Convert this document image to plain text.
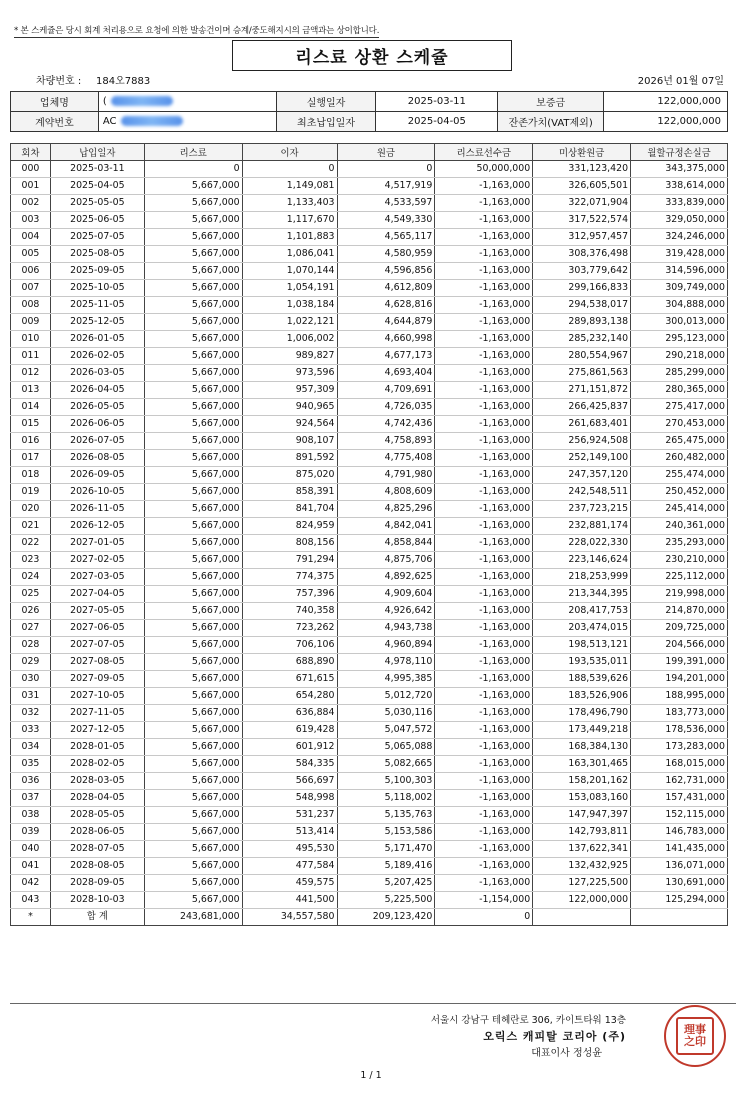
* 본 스케쥴은 당시 회계 처리용으로 요청에 의한 발송건이며 승계/중도해지시의 금액과는 상이합니다.
리스료 상환 스케쥴
차량번호 : 184오7883	2026년 01월 07일
업체명	(	실행일자	2025-03-11	보증금	122,000,000
계약번호	AC	최초납입일자	2025-04-05	잔존가치(VAT제외)	122,000,000
회차	납입일자	리스료	이자	원금	리스료선수금	미상환원금	월할규정손실금
000	2025-03-11	0	0	0	50,000,000	331,123,420	343,375,000
001	2025-04-05	5,667,000	1,149,081	4,517,919	-1,163,000	326,605,501	338,614,000
002	2025-05-05	5,667,000	1,133,403	4,533,597	-1,163,000	322,071,904	333,839,000
003	2025-06-05	5,667,000	1,117,670	4,549,330	-1,163,000	317,522,574	329,050,000
004	2025-07-05	5,667,000	1,101,883	4,565,117	-1,163,000	312,957,457	324,246,000
005	2025-08-05	5,667,000	1,086,041	4,580,959	-1,163,000	308,376,498	319,428,000
006	2025-09-05	5,667,000	1,070,144	4,596,856	-1,163,000	303,779,642	314,596,000
007	2025-10-05	5,667,000	1,054,191	4,612,809	-1,163,000	299,166,833	309,749,000
008	2025-11-05	5,667,000	1,038,184	4,628,816	-1,163,000	294,538,017	304,888,000
009	2025-12-05	5,667,000	1,022,121	4,644,879	-1,163,000	289,893,138	300,013,000
010	2026-01-05	5,667,000	1,006,002	4,660,998	-1,163,000	285,232,140	295,123,000
011	2026-02-05	5,667,000	989,827	4,677,173	-1,163,000	280,554,967	290,218,000
012	2026-03-05	5,667,000	973,596	4,693,404	-1,163,000	275,861,563	285,299,000
013	2026-04-05	5,667,000	957,309	4,709,691	-1,163,000	271,151,872	280,365,000
014	2026-05-05	5,667,000	940,965	4,726,035	-1,163,000	266,425,837	275,417,000
015	2026-06-05	5,667,000	924,564	4,742,436	-1,163,000	261,683,401	270,453,000
016	2026-07-05	5,667,000	908,107	4,758,893	-1,163,000	256,924,508	265,475,000
017	2026-08-05	5,667,000	891,592	4,775,408	-1,163,000	252,149,100	260,482,000
018	2026-09-05	5,667,000	875,020	4,791,980	-1,163,000	247,357,120	255,474,000
019	2026-10-05	5,667,000	858,391	4,808,609	-1,163,000	242,548,511	250,452,000
020	2026-11-05	5,667,000	841,704	4,825,296	-1,163,000	237,723,215	245,414,000
021	2026-12-05	5,667,000	824,959	4,842,041	-1,163,000	232,881,174	240,361,000
022	2027-01-05	5,667,000	808,156	4,858,844	-1,163,000	228,022,330	235,293,000
023	2027-02-05	5,667,000	791,294	4,875,706	-1,163,000	223,146,624	230,210,000
024	2027-03-05	5,667,000	774,375	4,892,625	-1,163,000	218,253,999	225,112,000
025	2027-04-05	5,667,000	757,396	4,909,604	-1,163,000	213,344,395	219,998,000
026	2027-05-05	5,667,000	740,358	4,926,642	-1,163,000	208,417,753	214,870,000
027	2027-06-05	5,667,000	723,262	4,943,738	-1,163,000	203,474,015	209,725,000
028	2027-07-05	5,667,000	706,106	4,960,894	-1,163,000	198,513,121	204,566,000
029	2027-08-05	5,667,000	688,890	4,978,110	-1,163,000	193,535,011	199,391,000
030	2027-09-05	5,667,000	671,615	4,995,385	-1,163,000	188,539,626	194,201,000
031	2027-10-05	5,667,000	654,280	5,012,720	-1,163,000	183,526,906	188,995,000
032	2027-11-05	5,667,000	636,884	5,030,116	-1,163,000	178,496,790	183,773,000
033	2027-12-05	5,667,000	619,428	5,047,572	-1,163,000	173,449,218	178,536,000
034	2028-01-05	5,667,000	601,912	5,065,088	-1,163,000	168,384,130	173,283,000
035	2028-02-05	5,667,000	584,335	5,082,665	-1,163,000	163,301,465	168,015,000
036	2028-03-05	5,667,000	566,697	5,100,303	-1,163,000	158,201,162	162,731,000
037	2028-04-05	5,667,000	548,998	5,118,002	-1,163,000	153,083,160	157,431,000
038	2028-05-05	5,667,000	531,237	5,135,763	-1,163,000	147,947,397	152,115,000
039	2028-06-05	5,667,000	513,414	5,153,586	-1,163,000	142,793,811	146,783,000
040	2028-07-05	5,667,000	495,530	5,171,470	-1,163,000	137,622,341	141,435,000
041	2028-08-05	5,667,000	477,584	5,189,416	-1,163,000	132,432,925	136,071,000
042	2028-09-05	5,667,000	459,575	5,207,425	-1,163,000	127,225,500	130,691,000
043	2028-10-03	5,667,000	441,500	5,225,500	-1,154,000	122,000,000	125,294,000
*	합 계	243,681,000	34,557,580	209,123,420	0		
서울시 강남구 테헤란로 306, 카이트타워 13층
오릭스 캐피탈 코리아 (주)
대표이사 정성윤
理事
之印
1 / 1
